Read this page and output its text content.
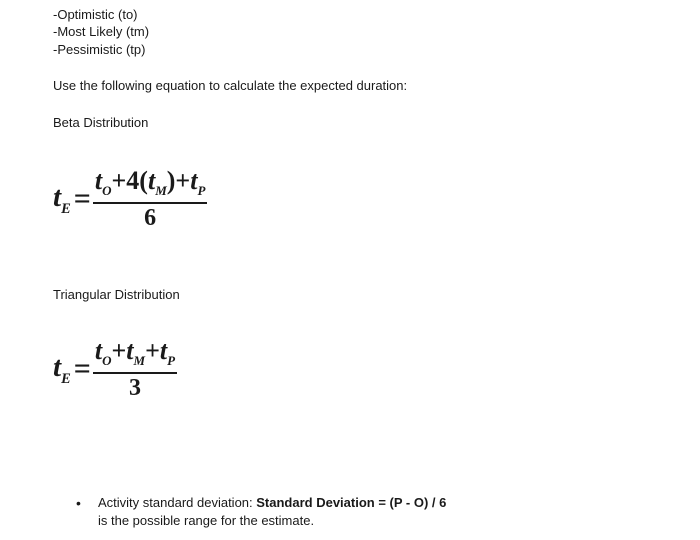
-Optimistic (to)
-Most Likely (tm)
-Pessimistic (tp)
Use the following equation to calculate the expected duration:
Beta Distribution
$t_E = \frac{t_O+4(t_M)+t_P}{6}$
Triangular Distribution
$t_E = \frac{t_O+t_M+t_P}{3}$
•	Activity standard deviation: Standard Deviation = (P - O) / 6
is the possible range for the estimate.
